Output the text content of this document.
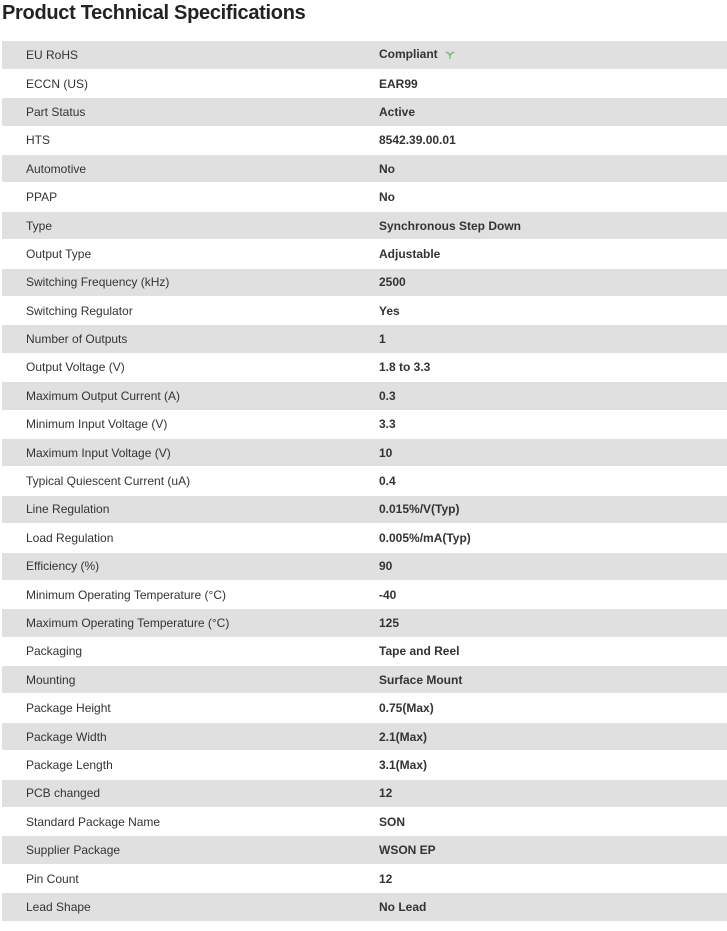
Product Technical Specifications
EU RoHS	Compliant
ECCN (US)	EAR99
Part Status	Active
HTS	8542.39.00.01
Automotive	No
PPAP	No
Type	Synchronous Step Down
Output Type	Adjustable
Switching Frequency (kHz)	2500
Switching Regulator	Yes
Number of Outputs	1
Output Voltage (V)	1.8 to 3.3
Maximum Output Current (A)	0.3
Minimum Input Voltage (V)	3.3
Maximum Input Voltage (V)	10
Typical Quiescent Current (uA)	0.4
Line Regulation	0.015%/V(Typ)
Load Regulation	0.005%/mA(Typ)
Efficiency (%)	90
Minimum Operating Temperature (°C)	-40
Maximum Operating Temperature (°C)	125
Packaging	Tape and Reel
Mounting	Surface Mount
Package Height	0.75(Max)
Package Width	2.1(Max)
Package Length	3.1(Max)
PCB changed	12
Standard Package Name	SON
Supplier Package	WSON EP
Pin Count	12
Lead Shape	No Lead
